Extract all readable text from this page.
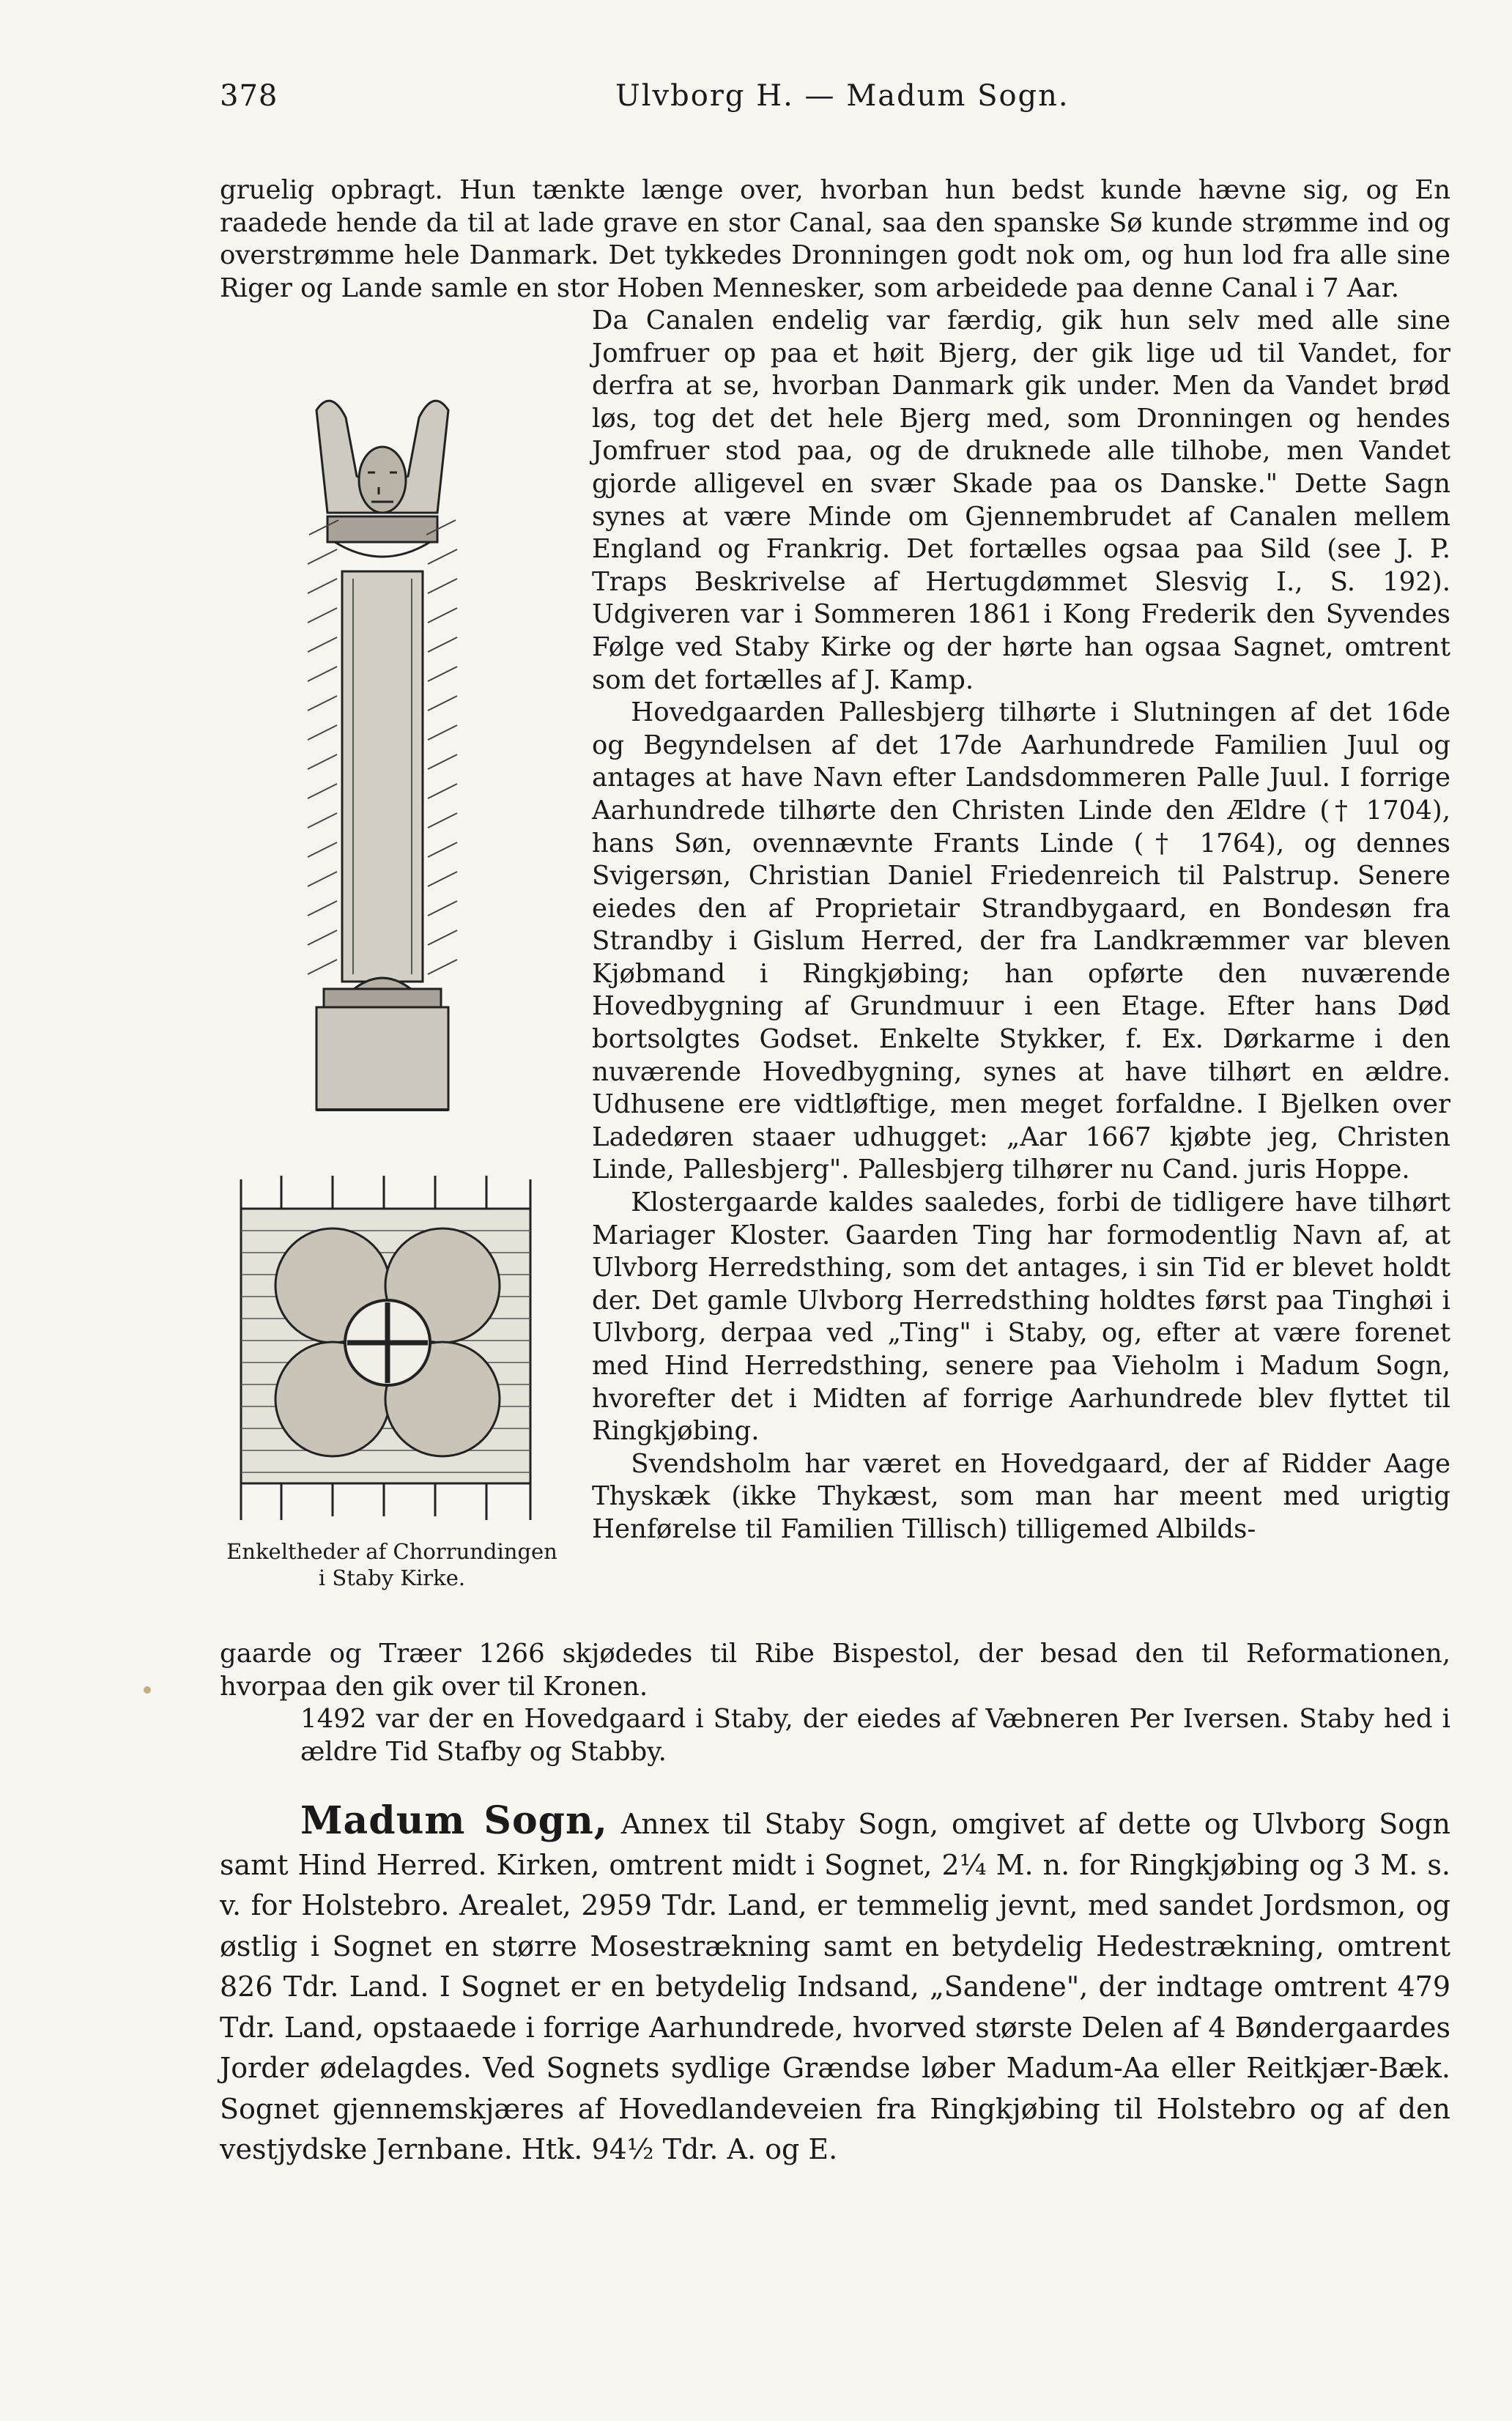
378	Ulvborg H. — Madum Sogn.
gruelig opbragt. Hun tænkte længe over, hvorban hun bedst kunde hævne sig, og En raadede hende da til at lade grave en stor Canal, saa den spanske Sø kunde strømme ind og overstrømme hele Danmark. Det tykkedes Dronningen godt nok om, og hun lod fra alle sine Riger og Lande samle en stor Hoben Mennesker, som arbeidede paa denne Canal i 7 Aar.
Da Canalen endelig var færdig, gik hun selv med alle sine Jomfruer op paa et høit Bjerg, der gik lige ud til Vandet, for derfra at se, hvorban Danmark gik under. Men da Vandet brød løs, tog det det hele Bjerg med, som Dronningen og hendes Jomfruer stod paa, og de druknede alle tilhobe, men Vandet gjorde alligevel en svær Skade paa os Danske." Dette Sagn synes at være Minde om Gjennembrudet af Canalen mellem England og Frankrig. Det fortælles ogsaa paa Sild (see J. P. Traps Beskrivelse af Hertugdømmet Slesvig I., S. 192). Udgiveren var i Sommeren 1861 i Kong Frederik den Syvendes Følge ved Staby Kirke og der hørte han ogsaa Sagnet, omtrent som det fortælles af J. Kamp.
Hovedgaarden Pallesbjerg tilhørte i Slutningen af det 16de og Begyndelsen af det 17de Aarhundrede Familien Juul og antages at have Navn efter Landsdommeren Palle Juul. I forrige Aarhundrede tilhørte den Christen Linde den Ældre († 1704), hans Søn, ovennævnte Frants Linde († 1764), og dennes Svigersøn, Christian Daniel Friedenreich til Palstrup. Senere eiedes den af Proprietair Strandbygaard, en Bondesøn fra Strandby i Gislum Herred, der fra Landkræmmer var bleven Kjøbmand i Ringkjøbing; han opførte den nuværende Hovedbygning af Grundmuur i een Etage. Efter hans Død bortsolgtes Godset. Enkelte Stykker, f. Ex. Dørkarme i den nuværende Hovedbygning, synes at have tilhørt en ældre. Udhusene ere vidtløftige, men meget forfaldne. I Bjelken over Ladedøren staaer udhugget: „Aar 1667 kjøbte jeg, Christen Linde, Pallesbjerg". Pallesbjerg tilhører nu Cand. juris Hoppe.
Klostergaarde kaldes saaledes, forbi de tidligere have tilhørt Mariager Kloster. Gaarden Ting har formodentlig Navn af, at Ulvborg Herredsthing, som det antages, i sin Tid er blevet holdt der. Det gamle Ulvborg Herredsthing holdtes først paa Tinghøi i Ulvborg, derpaa ved „Ting" i Staby, og, efter at være forenet med Hind Herredsthing, senere paa Vieholm i Madum Sogn, hvorefter det i Midten af forrige Aarhundrede blev flyttet til Ringkjøbing.
Svendsholm har været en Hovedgaard, der af Ridder Aage Thyskæk (ikke Thykæst, som man har meent med urigtig Henførelse til Familien Tillisch) tilligemed Albilds-
Enkeltheder af Chorrundingen i Staby Kirke.
gaarde og Træer 1266 skjødedes til Ribe Bispestol, der besad den til Reformationen, hvorpaa den gik over til Kronen.
1492 var der en Hovedgaard i Staby, der eiedes af Væbneren Per Iversen. Staby hed i ældre Tid Stafby og Stabby.
Madum Sogn, Annex til Staby Sogn, omgivet af dette og Ulvborg Sogn samt Hind Herred. Kirken, omtrent midt i Sognet, 2¼ M. n. for Ringkjøbing og 3 M. s. v. for Holstebro. Arealet, 2959 Tdr. Land, er temmelig jevnt, med sandet Jordsmon, og østlig i Sognet en større Mosestrækning samt en betydelig Hedestrækning, omtrent 826 Tdr. Land. I Sognet er en betydelig Indsand, „Sandene", der indtage omtrent 479 Tdr. Land, opstaaede i forrige Aarhundrede, hvorved største Delen af 4 Bøndergaardes Jorder ødelagdes. Ved Sognets sydlige Grændse løber Madum-Aa eller Reitkjær-Bæk. Sognet gjennemskjæres af Hovedlandeveien fra Ringkjøbing til Holstebro og af den vestjydske Jernbane. Htk. 94½ Tdr. A. og E.
